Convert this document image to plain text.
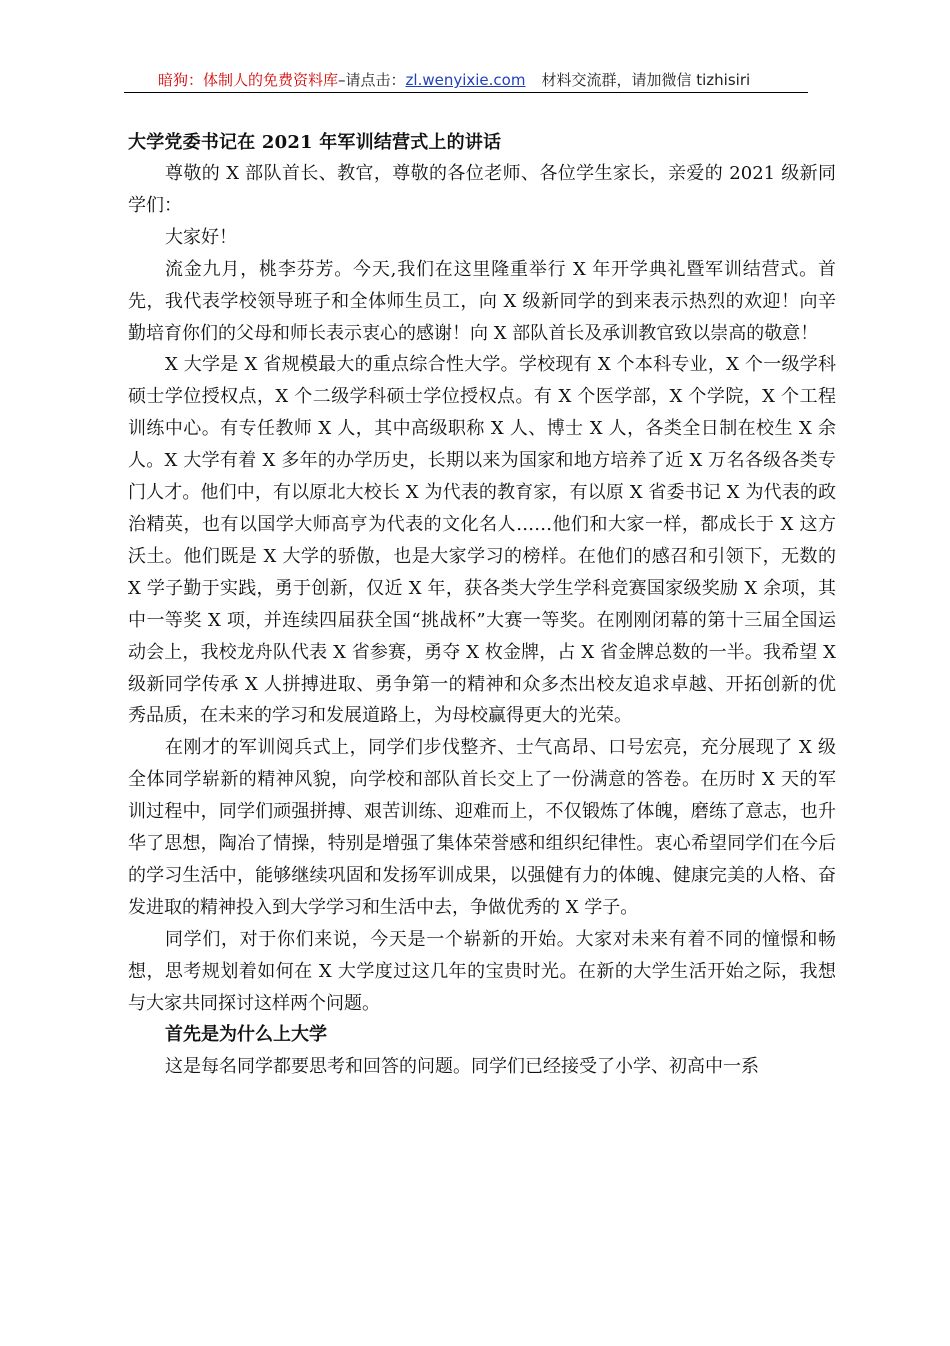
暗狗：体制人的免费资料库–请点击：zl.wenyixie.com 材料交流群，请加微信 tizhisiri

大学党委书记在 2021 年军训结营式上的讲话

尊敬的 X 部队首长、教官，尊敬的各位老师、各位学生家长，亲爱的 2021 级新同学们：

大家好！

流金九月，桃李芬芳。今天,我们在这里隆重举行 X 年开学典礼暨军训结营式。首先，我代表学校领导班子和全体师生员工，向 X 级新同学的到来表示热烈的欢迎！向辛勤培育你们的父母和师长表示衷心的感谢！向 X 部队首长及承训教官致以崇高的敬意！

X 大学是 X 省规模最大的重点综合性大学。学校现有 X 个本科专业，X 个一级学科硕士学位授权点，X 个二级学科硕士学位授权点。有 X 个医学部，X 个学院，X 个工程训练中心。有专任教师 X 人，其中高级职称 X 人、博士 X 人，各类全日制在校生 X 余人。X 大学有着 X 多年的办学历史，长期以来为国家和地方培养了近 X 万名各级各类专门人才。他们中，有以原北大校长 X 为代表的教育家，有以原 X 省委书记 X 为代表的政治精英，也有以国学大师高亨为代表的文化名人……他们和大家一样，都成长于 X 这方沃土。他们既是 X 大学的骄傲，也是大家学习的榜样。在他们的感召和引领下，无数的 X 学子勤于实践，勇于创新，仅近 X 年，获各类大学生学科竞赛国家级奖励 X 余项，其中一等奖 X 项，并连续四届获全国“挑战杯”大赛一等奖。在刚刚闭幕的第十三届全国运动会上，我校龙舟队代表 X 省参赛，勇夺 X 枚金牌，占 X 省金牌总数的一半。我希望 X 级新同学传承 X 人拼搏进取、勇争第一的精神和众多杰出校友追求卓越、开拓创新的优秀品质，在未来的学习和发展道路上，为母校赢得更大的光荣。

在刚才的军训阅兵式上，同学们步伐整齐、士气高昂、口号宏亮，充分展现了 X 级全体同学崭新的精神风貌，向学校和部队首长交上了一份满意的答卷。在历时 X 天的军训过程中，同学们顽强拼搏、艰苦训练、迎难而上，不仅锻炼了体魄，磨练了意志，也升华了思想，陶冶了情操，特别是增强了集体荣誉感和组织纪律性。衷心希望同学们在今后的学习生活中，能够继续巩固和发扬军训成果，以强健有力的体魄、健康完美的人格、奋发进取的精神投入到大学学习和生活中去，争做优秀的 X 学子。

同学们，对于你们来说，今天是一个崭新的开始。大家对未来有着不同的憧憬和畅想，思考规划着如何在 X 大学度过这几年的宝贵时光。在新的大学生活开始之际，我想与大家共同探讨这样两个问题。

首先是为什么上大学

这是每名同学都要思考和回答的问题。同学们已经接受了小学、初高中一系
